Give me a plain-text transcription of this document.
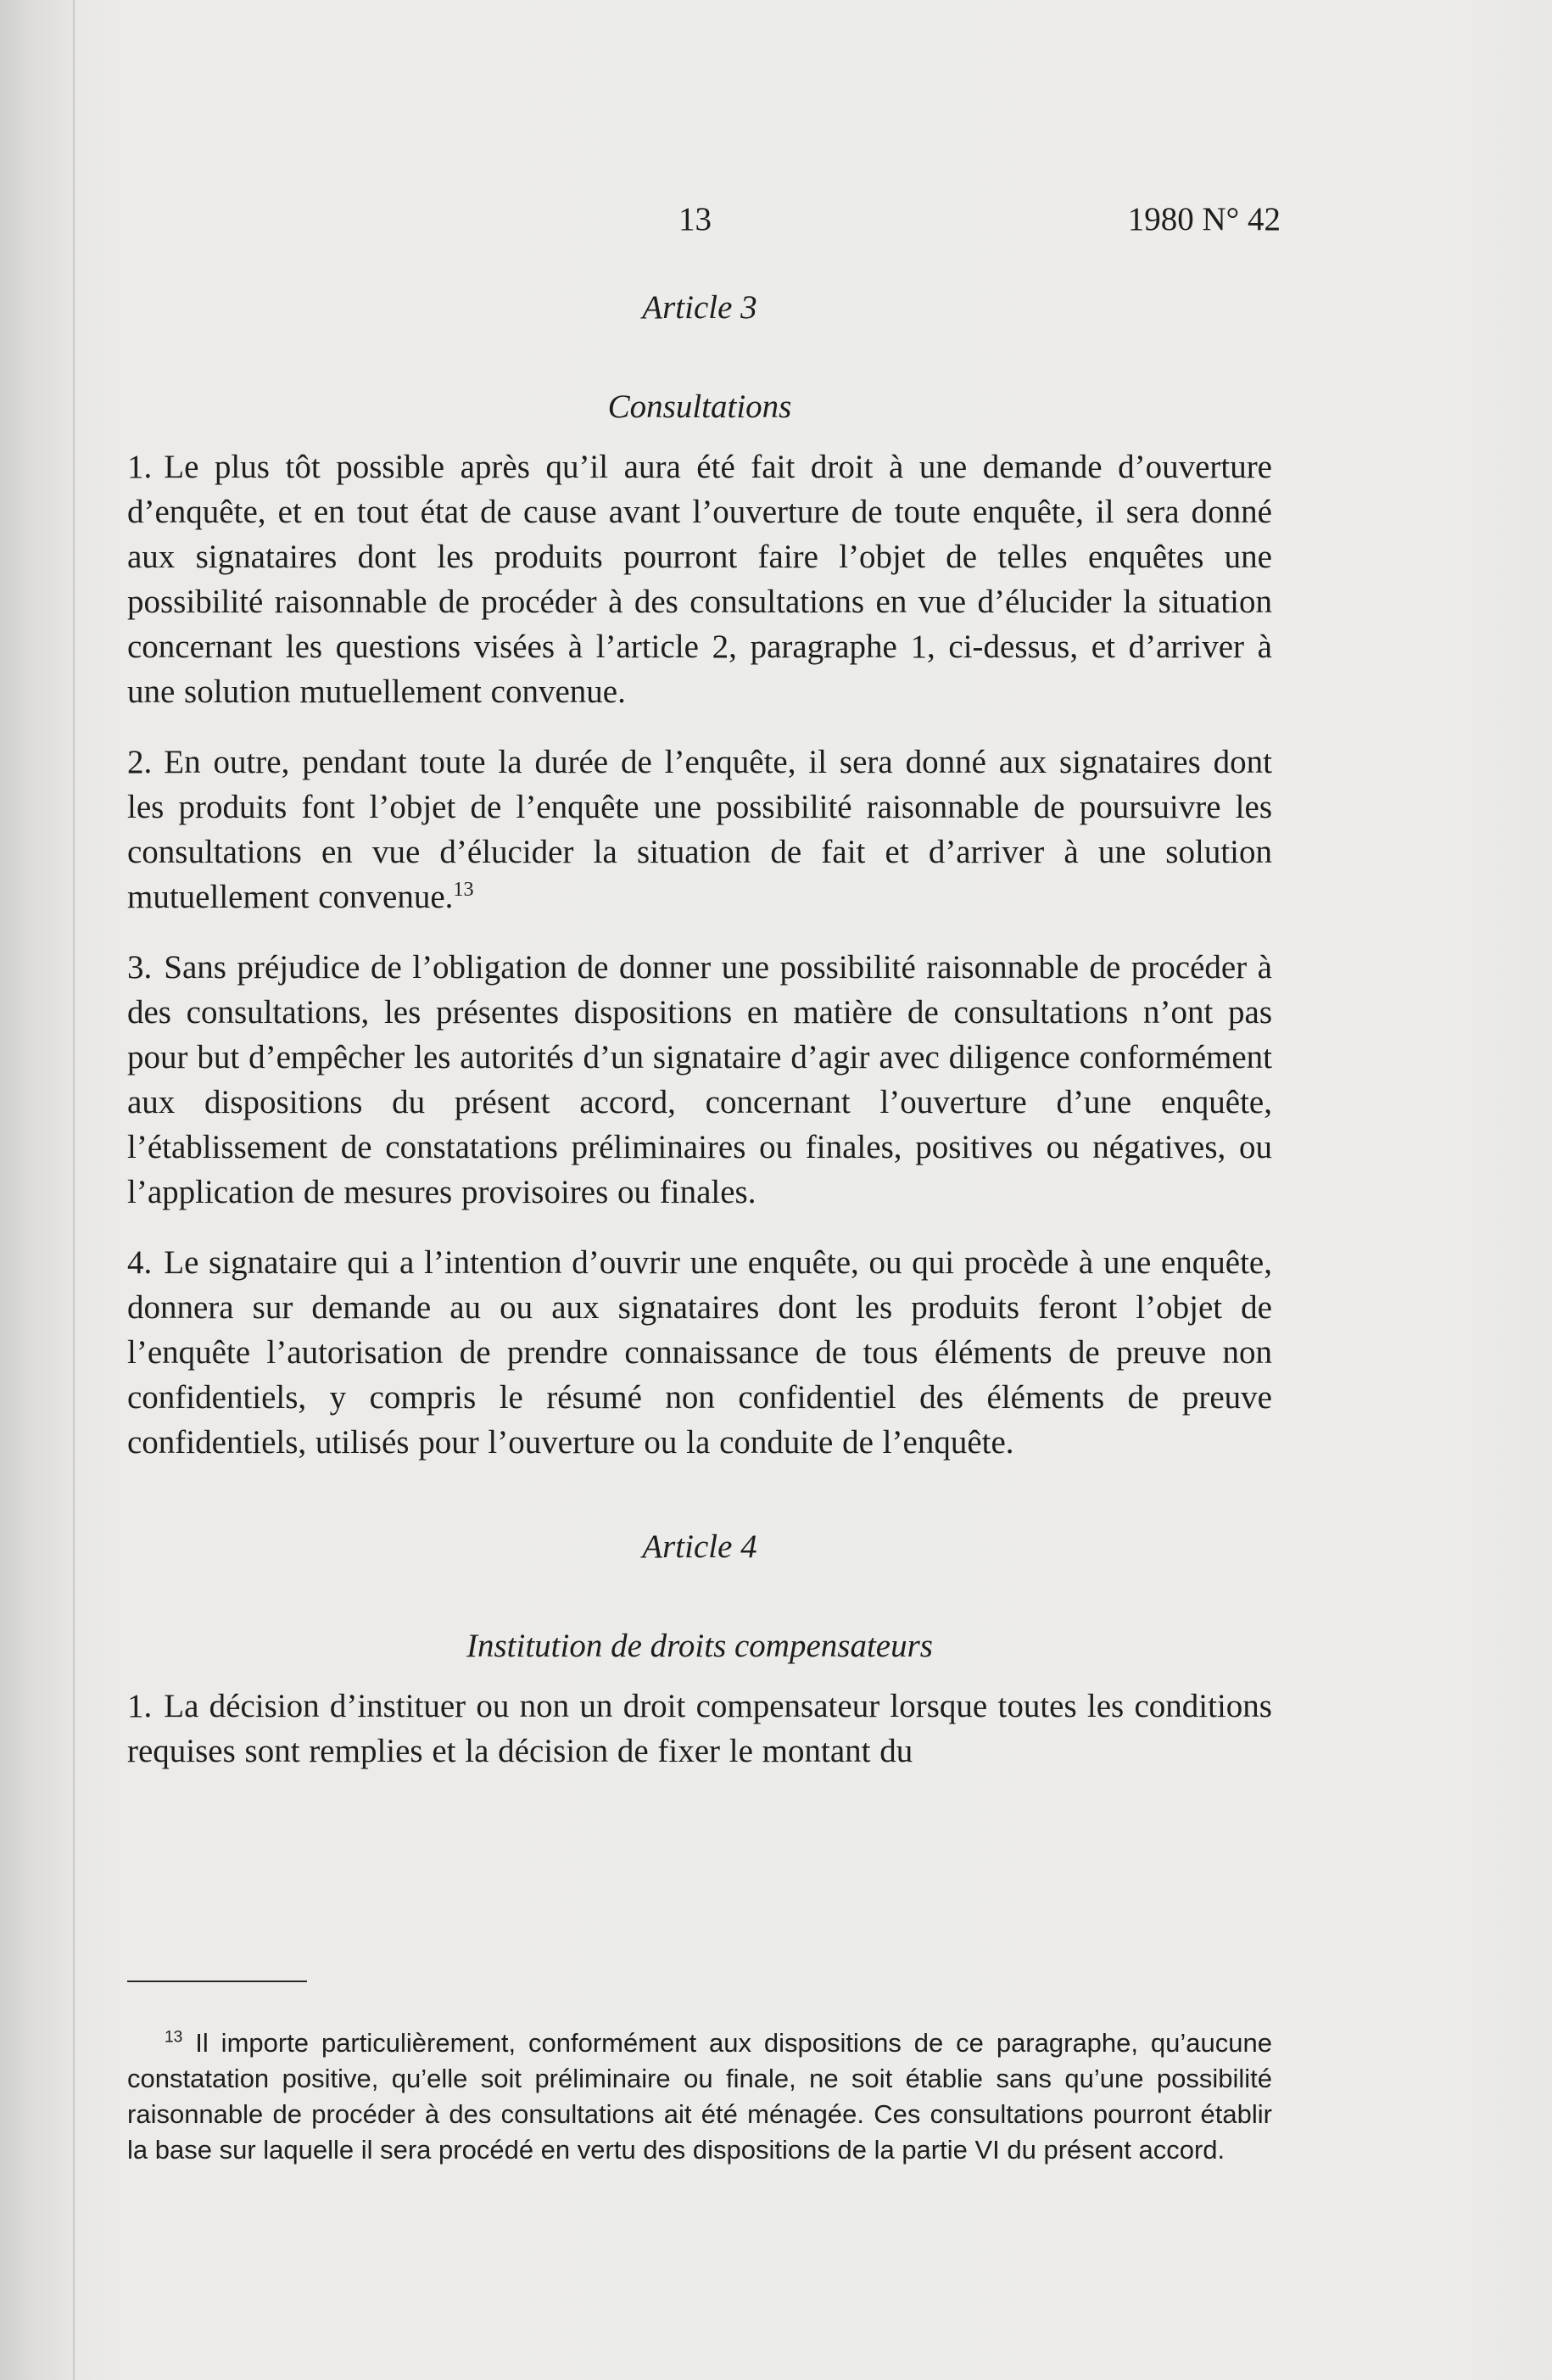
13	1980 N° 42

Article 3

Consultations

1. Le plus tôt possible après qu’il aura été fait droit à une demande d’ouverture d’enquête, et en tout état de cause avant l’ouverture de toute enquête, il sera donné aux signataires dont les produits pourront faire l’objet de telles enquêtes une possibilité raisonnable de procéder à des consultations en vue d’élucider la situation concernant les questions visées à l’article 2, paragraphe 1, ci-dessus, et d’arriver à une solution mutuellement convenue.

2. En outre, pendant toute la durée de l’enquête, il sera donné aux signataires dont les produits font l’objet de l’enquête une possibilité raisonnable de poursuivre les consultations en vue d’élucider la situation de fait et d’arriver à une solution mutuellement convenue.$^{13}$

3. Sans préjudice de l’obligation de donner une possibilité raisonnable de procéder à des consultations, les présentes dispositions en matière de consultations n’ont pas pour but d’empêcher les autorités d’un signataire d’agir avec diligence conformément aux dispositions du présent accord, concernant l’ouverture d’une enquête, l’établissement de constatations préliminaires ou finales, positives ou négatives, ou l’application de mesures provisoires ou finales.

4. Le signataire qui a l’intention d’ouvrir une enquête, ou qui procède à une enquête, donnera sur demande au ou aux signataires dont les produits feront l’objet de l’enquête l’autorisation de prendre connaissance de tous éléments de preuve non confidentiels, y compris le résumé non confidentiel des éléments de preuve confidentiels, utilisés pour l’ouverture ou la conduite de l’enquête.

Article 4

Institution de droits compensateurs

1. La décision d’instituer ou non un droit compensateur lorsque toutes les conditions requises sont remplies et la décision de fixer le montant du

$^{13}$ Il importe particulièrement, conformément aux dispositions de ce paragraphe, qu’aucune constatation positive, qu’elle soit préliminaire ou finale, ne soit établie sans qu’une possibilité raisonnable de procéder à des consultations ait été ménagée. Ces consultations pourront établir la base sur laquelle il sera procédé en vertu des dispositions de la partie VI du présent accord.
